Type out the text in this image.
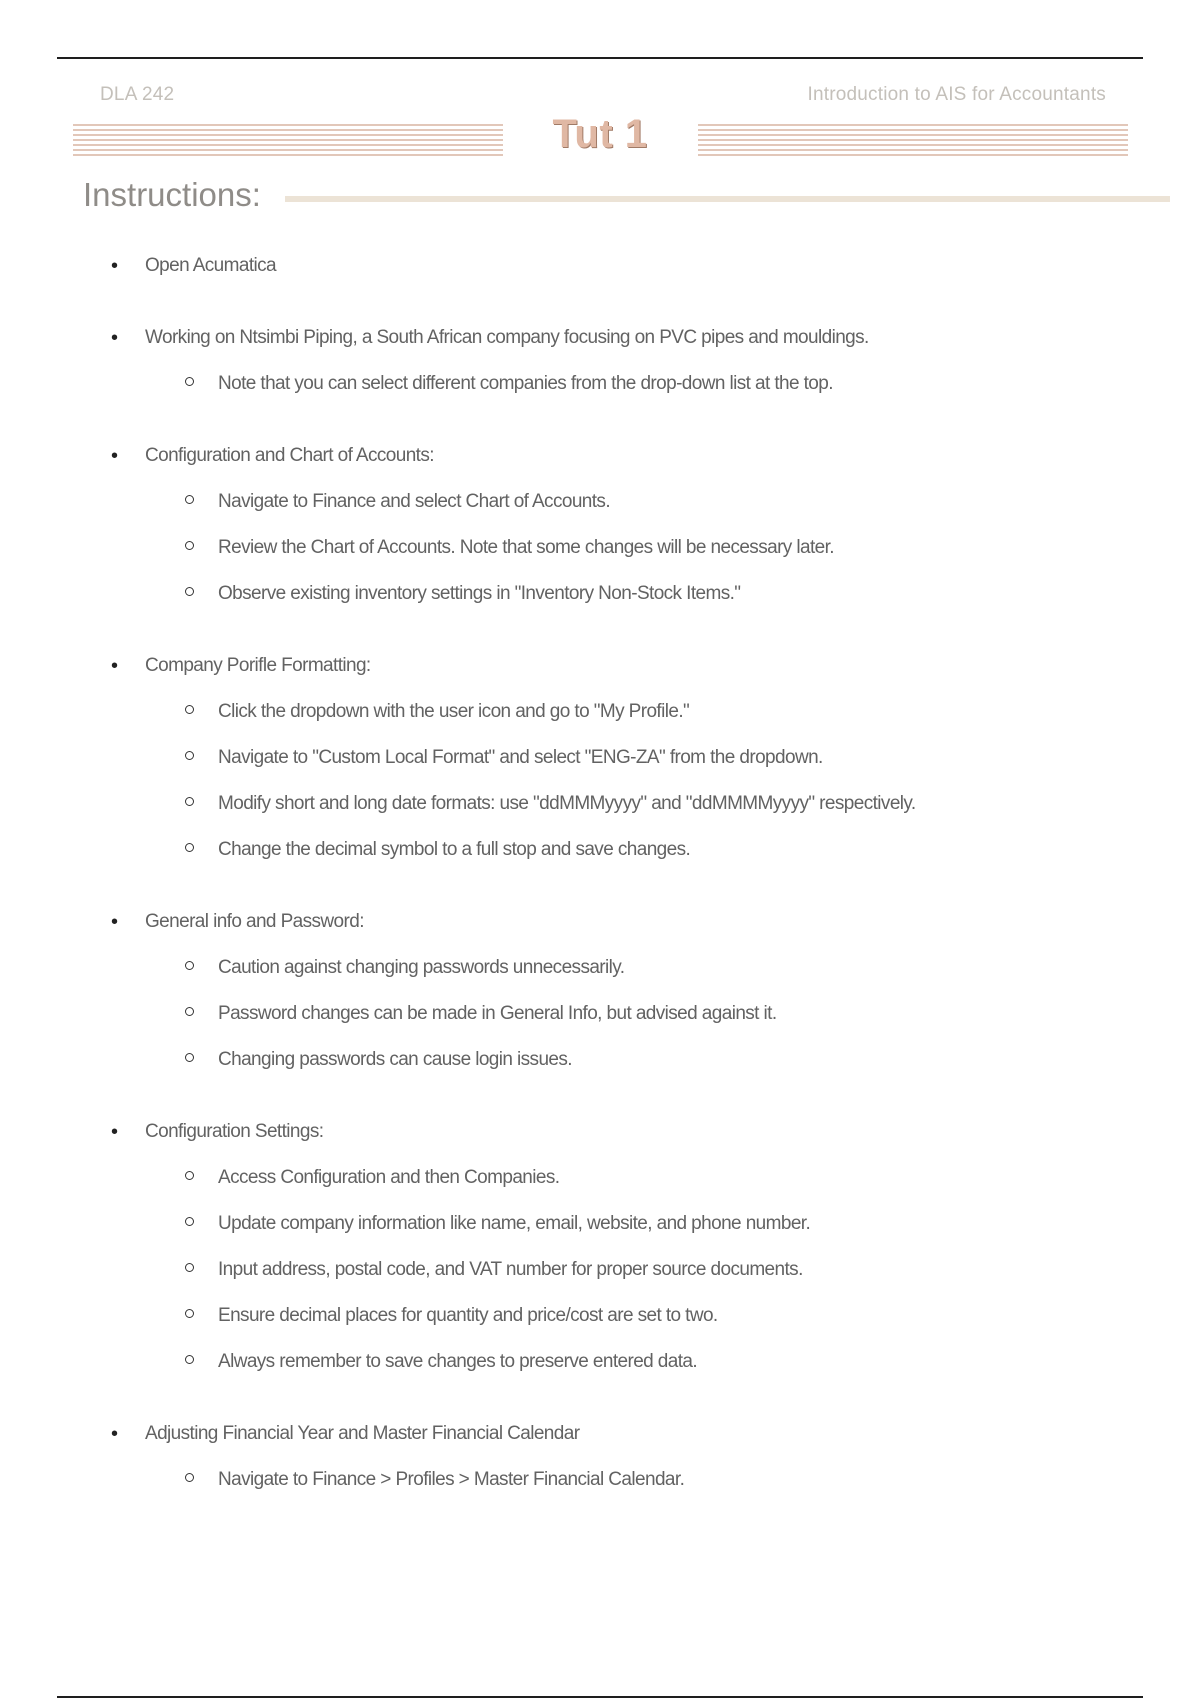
DLA 242	Introduction to AIS for Accountants
Tut 1
Instructions:
• Open Acumatica
• Working on Ntsimbi Piping, a South African company focusing on PVC pipes and mouldings.
Note that you can select different companies from the drop-down list at the top.
• Configuration and Chart of Accounts:
Navigate to Finance and select Chart of Accounts.
Review the Chart of Accounts. Note that some changes will be necessary later.
Observe existing inventory settings in "Inventory Non-Stock Items."
• Company Porifle Formatting:
Click the dropdown with the user icon and go to "My Profile."
Navigate to "Custom Local Format" and select "ENG-ZA" from the dropdown.
Modify short and long date formats: use "ddMMMyyyy" and "ddMMMMyyyy" respectively.
Change the decimal symbol to a full stop and save changes.
• General info and Password:
Caution against changing passwords unnecessarily.
Password changes can be made in General Info, but advised against it.
Changing passwords can cause login issues.
• Configuration Settings:
Access Configuration and then Companies.
Update company information like name, email, website, and phone number.
Input address, postal code, and VAT number for proper source documents.
Ensure decimal places for quantity and price/cost are set to two.
Always remember to save changes to preserve entered data.
• Adjusting Financial Year and Master Financial Calendar
Navigate to Finance > Profiles > Master Financial Calendar.
